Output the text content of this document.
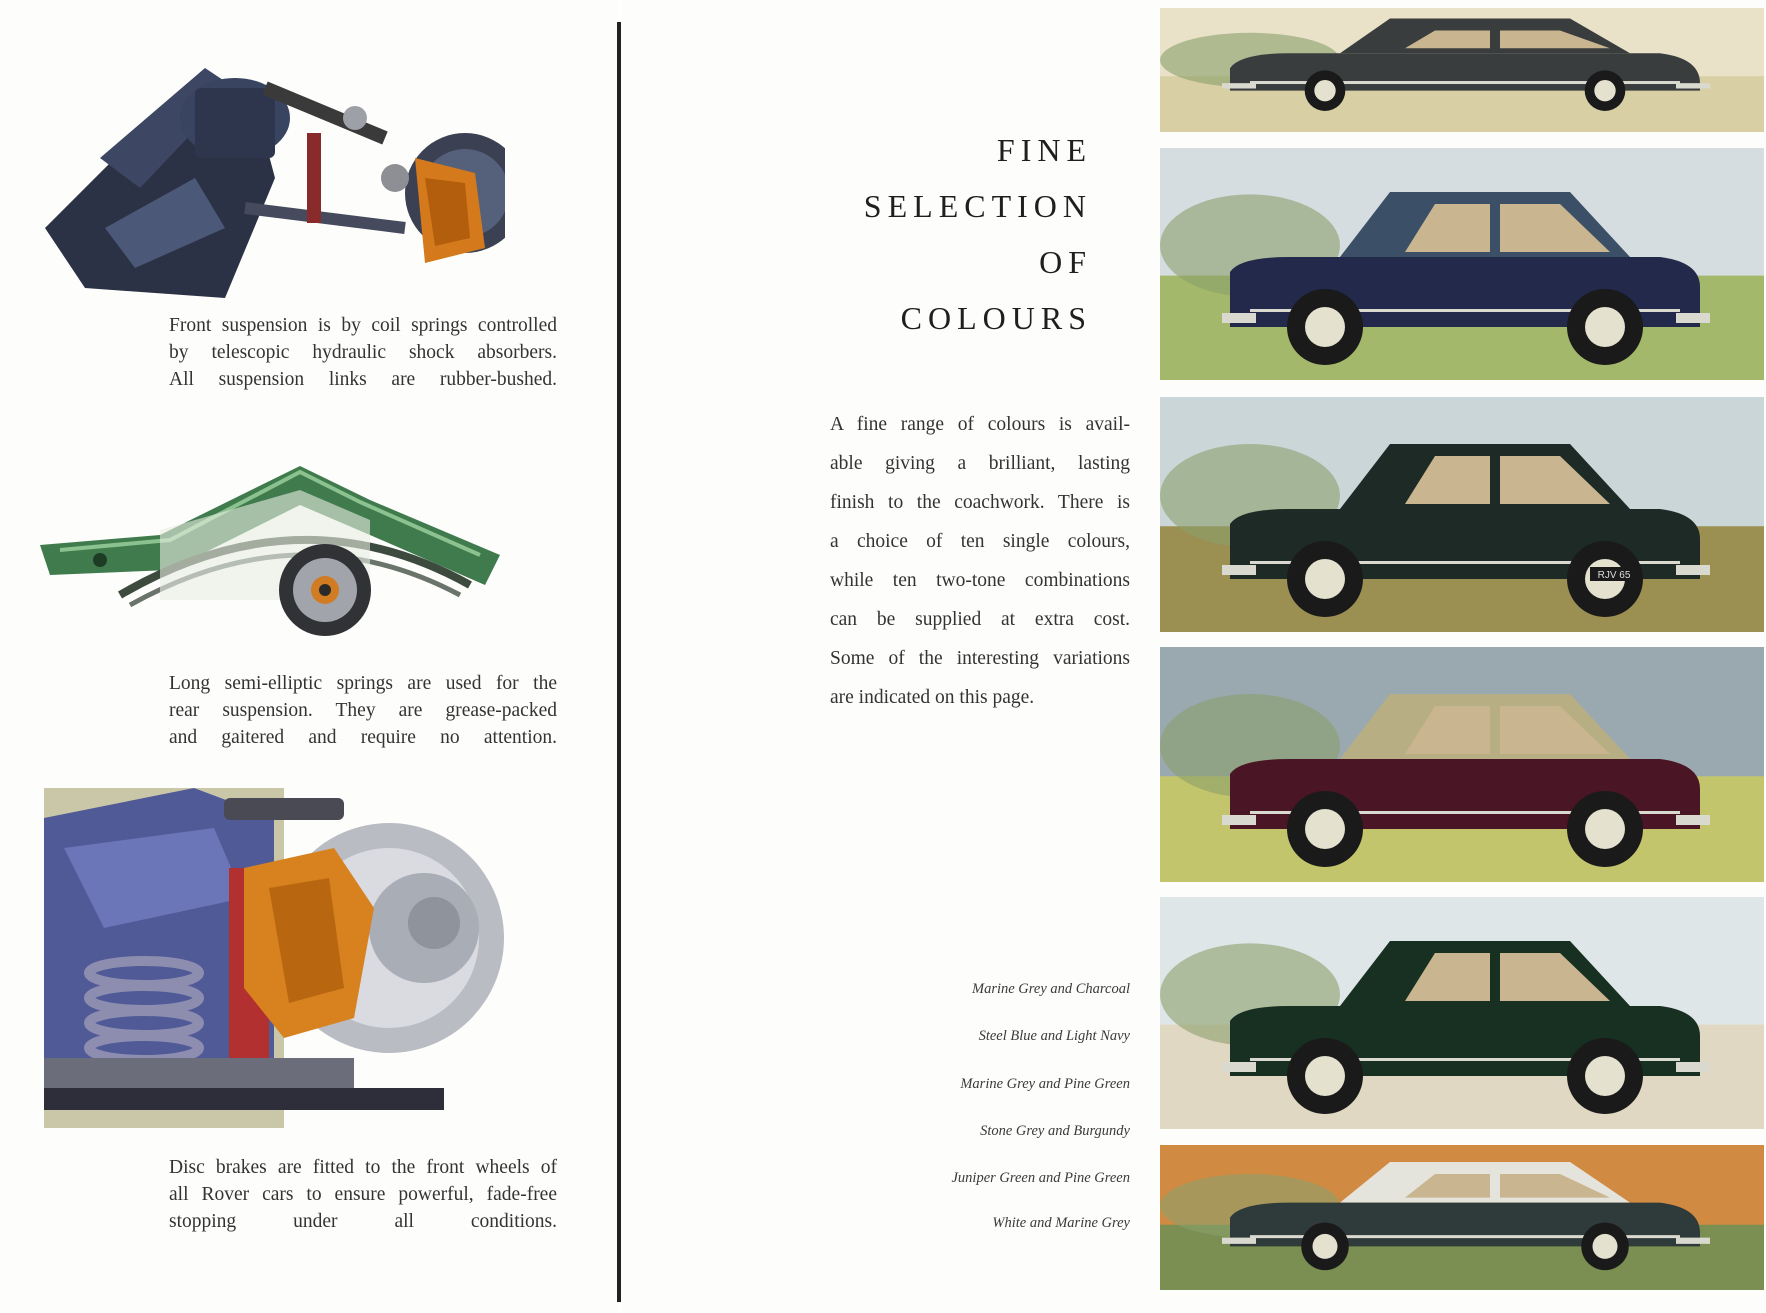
Front suspension is by coil springs controlled
by telescopic hydraulic shock absorbers.
All suspension links are rubber-bushed.
Long semi-elliptic springs are used for the
rear suspension. They are grease-packed
and gaitered and require no attention.
Disc brakes are fitted to the front wheels of
all Rover cars to ensure powerful, fade-free
stopping under all conditions.
FINE
SELECTION
OF
COLOURS
A fine range of colours is avail-
able giving a brilliant, lasting
finish to the coachwork. There is
a choice of ten single colours,
while ten two-tone combinations
can be supplied at extra cost.
Some of the interesting variations
are indicated on this page.
Marine Grey and Charcoal
Steel Blue and Light Navy
Marine Grey and Pine Green
Stone Grey and Burgundy
Juniper Green and Pine Green
White and Marine Grey
RJV 65
